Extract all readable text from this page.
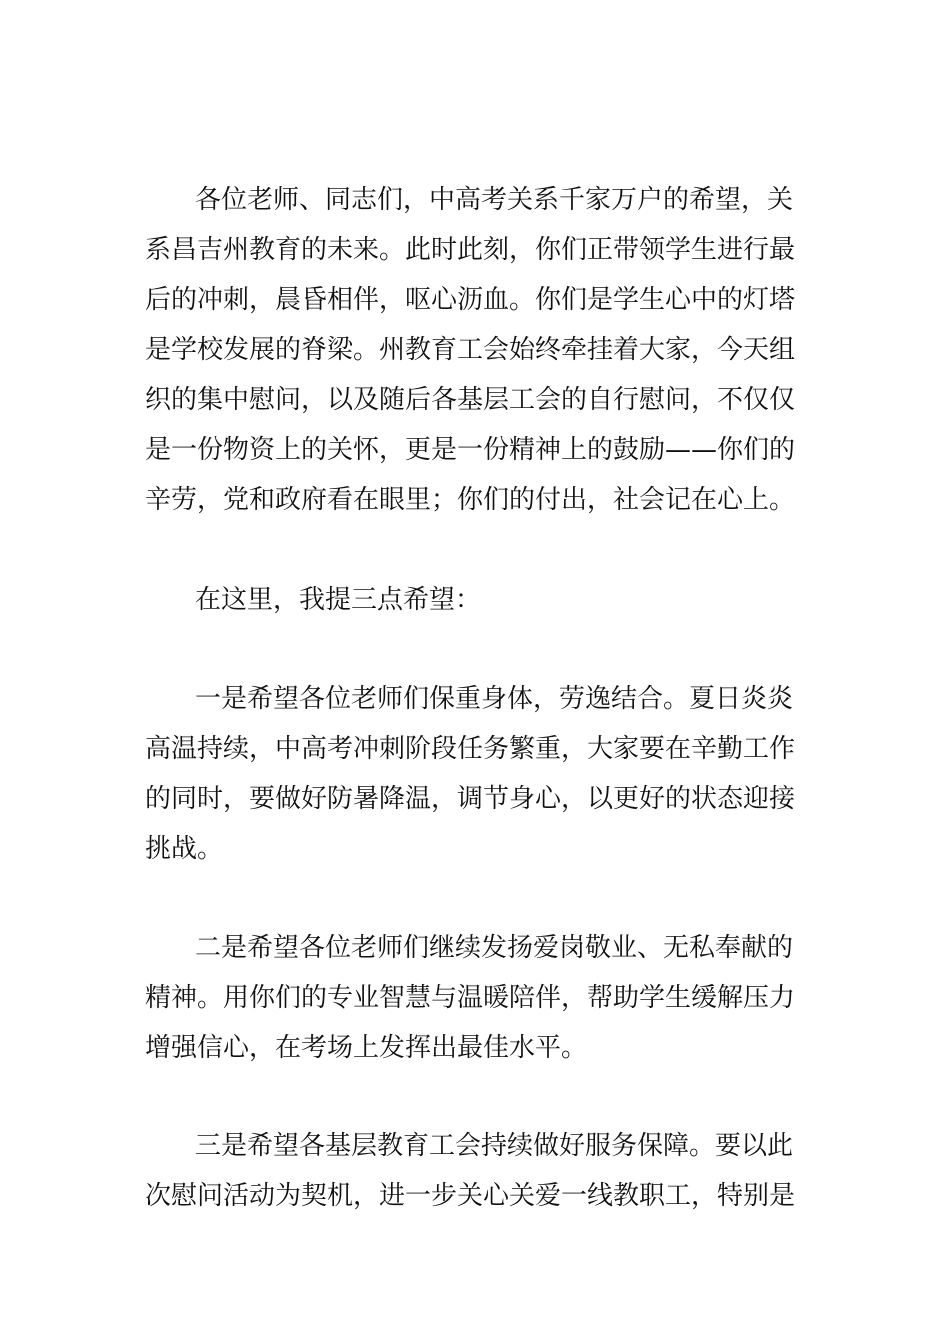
各位老师、同志们，中高考关系千家万户的希望，关
系昌吉州教育的未来。此时此刻，你们正带领学生进行最
后的冲刺，晨昏相伴，呕心沥血。你们是学生心中的灯塔
是学校发展的脊梁。州教育工会始终牵挂着大家，今天组
织的集中慰问，以及随后各基层工会的自行慰问，不仅仅
是一份物资上的关怀，更是一份精神上的鼓励——你们的
辛劳，党和政府看在眼里；你们的付出，社会记在心上。
在这里，我提三点希望：
一是希望各位老师们保重身体，劳逸结合。夏日炎炎
高温持续，中高考冲刺阶段任务繁重，大家要在辛勤工作
的同时，要做好防暑降温，调节身心，以更好的状态迎接
挑战。
二是希望各位老师们继续发扬爱岗敬业、无私奉献的
精神。用你们的专业智慧与温暖陪伴，帮助学生缓解压力
增强信心，在考场上发挥出最佳水平。
三是希望各基层教育工会持续做好服务保障。要以此
次慰问活动为契机，进一步关心关爱一线教职工，特别是
